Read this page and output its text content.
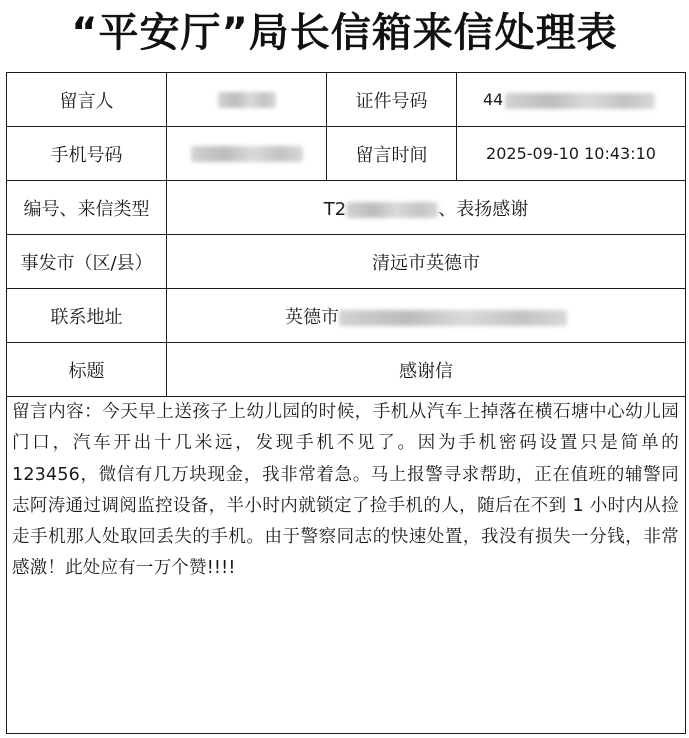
“平安厅”局长信箱来信处理表
留言人		证件号码	44
手机号码		留言时间	2025-09-10 10:43:10
编号、来信类型	T2 、表扬感谢		
事发市（区/县）	清远市英德市		
联系地址	英德市		
标题	感谢信		

留言内容：今天早上送孩子上幼儿园的时候，手机从汽车上掉落在横石塘中心幼儿园门口，汽车开出十几米远，发现手机不见了。因为手机密码设置只是简单的123456，微信有几万块现金，我非常着急。马上报警寻求帮助，正在值班的辅警同志阿涛通过调阅监控设备，半小时内就锁定了捡手机的人，随后在不到 1 小时内从捡走手机那人处取回丢失的手机。由于警察同志的快速处置，我没有损失一分钱，非常感激！此处应有一万个赞!!!!			
